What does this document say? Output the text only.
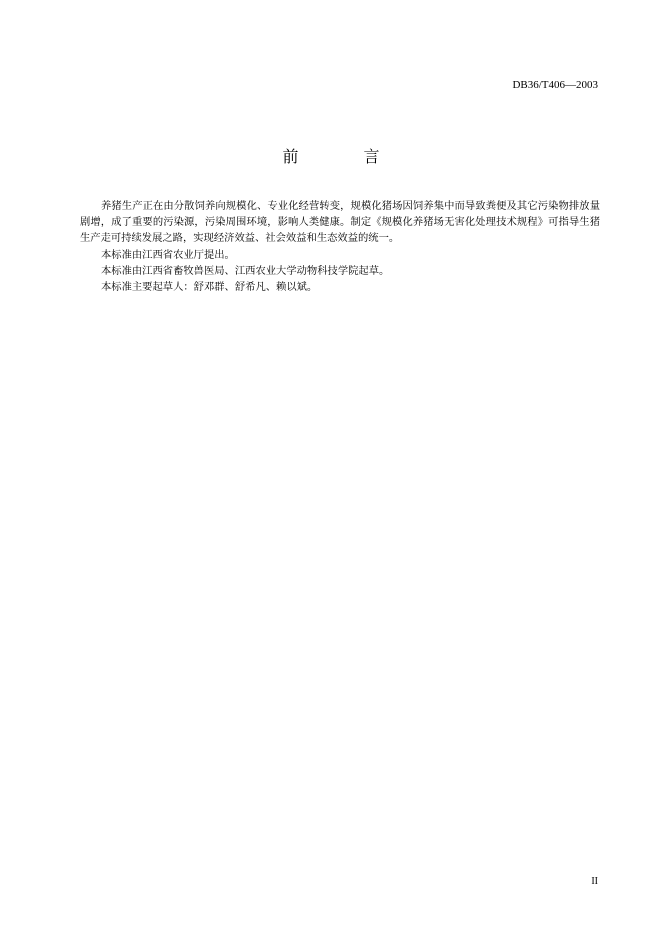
DB36/T406—2003
前 言

养猪生产正在由分散饲养向规模化、专业化经营转变，规模化猪场因饲养集中而导致粪便及其它污染物排放量剧增，成了重要的污染源，污染周围环境，影响人类健康。制定《规模化养猪场无害化处理技术规程》可指导生猪生产走可持续发展之路，实现经济效益、社会效益和生态效益的统一。

本标准由江西省农业厅提出。

本标准由江西省畜牧兽医局、江西农业大学动物科技学院起草。

本标准主要起草人：舒邓群、舒希凡、赖以斌。

II
